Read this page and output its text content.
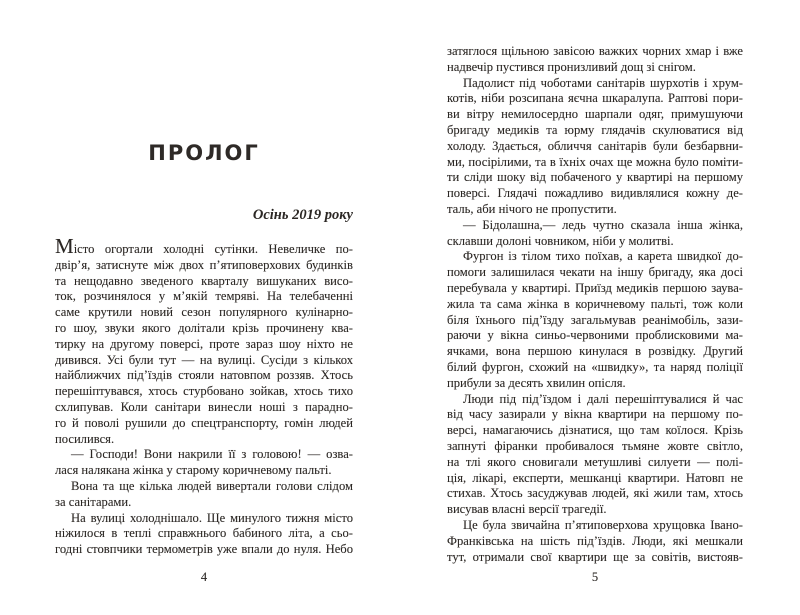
ПРОЛОГ
Осінь 2019 року
Місто огортали холодні сутінки. Невеличке по-
двір’я, затиснуте між двох п’ятиповерхових будинків
та нещодавно зведеного кварталу вишуканих висо-
ток, розчинялося у м’якій темряві. На телебаченні
саме крутили новий сезон популярного кулінарно-
го шоу, звуки якого долітали крізь прочинену ква-
тирку на другому поверсі, проте зараз шоу ніхто не
дивився. Усі були тут — на вулиці. Сусіди з кількох
найближчих під’їздів стояли натовпом роззяв. Хтось
перешіптувався, хтось стурбовано зойкав, хтось тихо
схлипував. Коли санітари винесли ноші з парадно-
го й поволі рушили до спецтранспорту, гомін людей
посилився.
— Господи! Вони накрили її з головою! — озва-
лася налякана жінка у старому коричневому пальті.
Вона та ще кілька людей вивертали голови слідом
за санітарами.
На вулиці холоднішало. Ще минулого тижня місто
ніжилося в теплі справжнього бабиного літа, а сьо-
годні стовпчики термометрів уже впали до нуля. Небо
затяглося щільною завісою важких чорних хмар і вже
надвечір пустився пронизливий дощ зі снігом.
Падолист під чоботами санітарів шурхотів і хрум-
котів, ніби розсипана яєчна шкаралупа. Раптові пори-
ви вітру немилосердно шарпали одяг, примушуючи
бригаду медиків та юрму глядачів скулюватися від
холоду. Здається, обличчя санітарів були безбарвни-
ми, посірілими, та в їхніх очах ще можна було поміти-
ти сліди шоку від побаченого у квартирі на першому
поверсі. Глядачі пожадливо видивлялися кожну де-
таль, аби нічого не пропустити.
— Бідолашна,— ледь чутно сказала інша жінка,
склавши долоні човником, ніби у молитві.
Фургон із тілом тихо поїхав, а карета швидкої до-
помоги залишилася чекати на іншу бригаду, яка досі
перебувала у квартирі. Приїзд медиків першою заува-
жила та сама жінка в коричневому пальті, тож коли
біля їхнього під’їзду загальмував реанімобіль, зази-
раючи у вікна синьо-червоними проблисковими ма-
ячками, вона першою кинулася в розвідку. Другий
білий фургон, схожий на «швидку», та наряд поліції
прибули за десять хвилин опісля.
Люди під під’їздом і далі перешіптувалися й час
від часу зазирали у вікна квартири на першому по-
версі, намагаючись дізнатися, що там коїлося. Крізь
запнуті фіранки пробивалося тьмяне жовте світло,
на тлі якого сновигали метушливі силуети — полі-
ція, лікарі, експерти, мешканці квартири. Натовп не
стихав. Хтось засуджував людей, які жили там, хтось
висував власні версії трагедії.
Це була звичайна п’ятиповерхова хрущовка Івано-
Франківська на шість під’їздів. Люди, які мешкали
тут, отримали свої квартири ще за совітів, вистояв-
4	5
